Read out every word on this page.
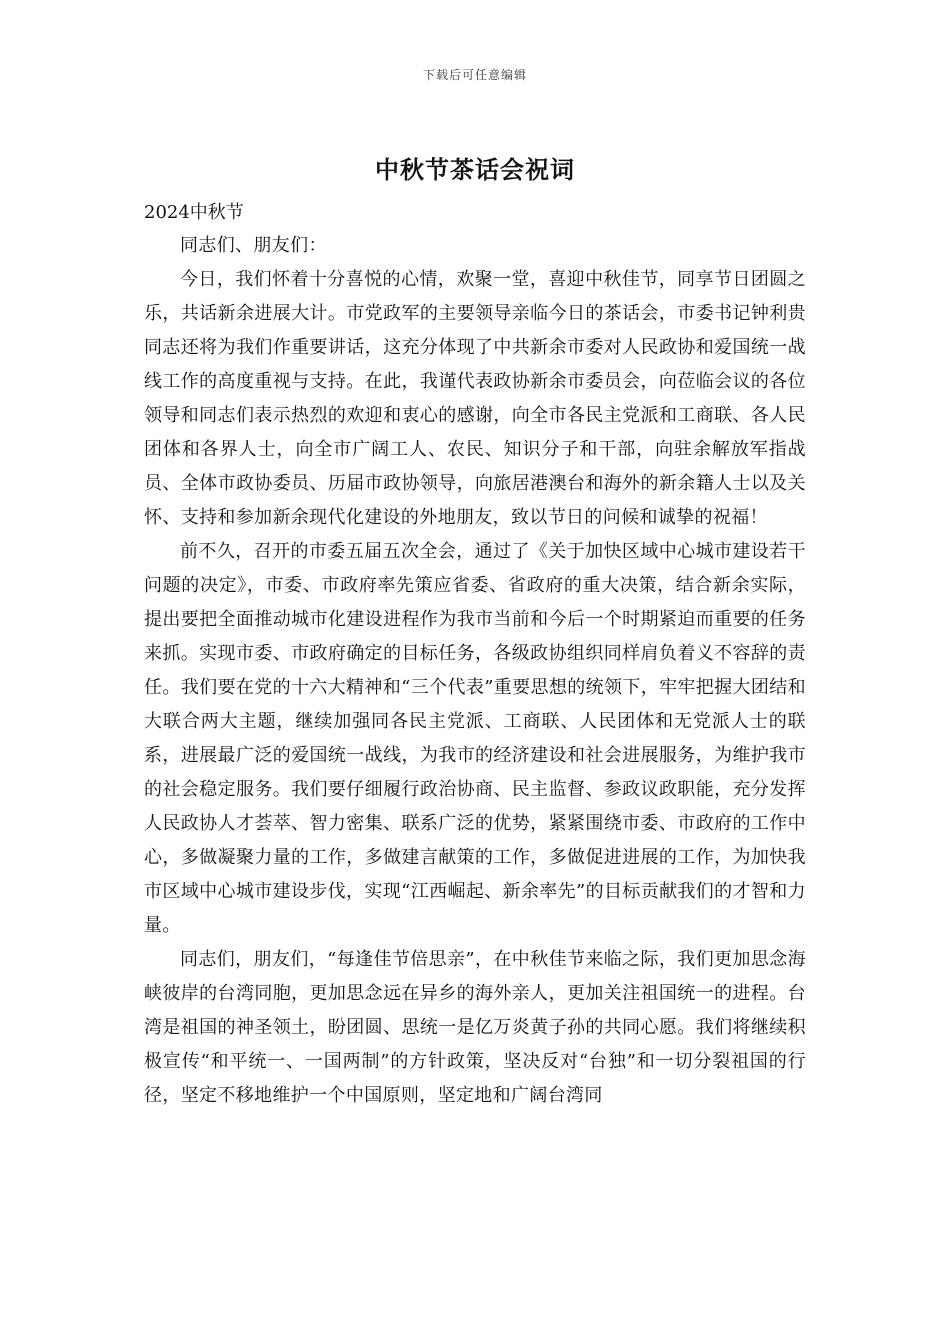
下载后可任意编辑
中秋节茶话会祝词

2024中秋节

同志们、朋友们：

今日，我们怀着十分喜悦的心情，欢聚一堂，喜迎中秋佳节，同享节日团圆之乐，共话新余进展大计。市党政军的主要领导亲临今日的茶话会，市委书记钟利贵同志还将为我们作重要讲话，这充分体现了中共新余市委对人民政协和爱国统一战线工作的高度重视与支持。在此，我谨代表政协新余市委员会，向莅临会议的各位领导和同志们表示热烈的欢迎和衷心的感谢，向全市各民主党派和工商联、各人民团体和各界人士，向全市广阔工人、农民、知识分子和干部，向驻余解放军指战员、全体市政协委员、历届市政协领导，向旅居港澳台和海外的新余籍人士以及关怀、支持和参加新余现代化建设的外地朋友，致以节日的问候和诚挚的祝福！

前不久，召开的市委五届五次全会，通过了《关于加快区域中心城市建设若干问题的决定》，市委、市政府率先策应省委、省政府的重大决策，结合新余实际，提出要把全面推动城市化建设进程作为我市当前和今后一个时期紧迫而重要的任务来抓。实现市委、市政府确定的目标任务，各级政协组织同样肩负着义不容辞的责任。我们要在党的十六大精神和“三个代表”重要思想的统领下，牢牢把握大团结和大联合两大主题，继续加强同各民主党派、工商联、人民团体和无党派人士的联系，进展最广泛的爱国统一战线，为我市的经济建设和社会进展服务，为维护我市的社会稳定服务。我们要仔细履行政治协商、民主监督、参政议政职能，充分发挥人民政协人才荟萃、智力密集、联系广泛的优势，紧紧围绕市委、市政府的工作中心，多做凝聚力量的工作，多做建言献策的工作，多做促进进展的工作，为加快我市区域中心城市建设步伐，实现“江西崛起、新余率先”的目标贡献我们的才智和力量。

同志们，朋友们，“每逢佳节倍思亲”，在中秋佳节来临之际，我们更加思念海峡彼岸的台湾同胞，更加思念远在异乡的海外亲人，更加关注祖国统一的进程。台湾是祖国的神圣领土，盼团圆、思统一是亿万炎黄子孙的共同心愿。我们将继续积极宣传“和平统一、一国两制”的方针政策，坚决反对“台独”和一切分裂祖国的行径，坚定不移地维护一个中国原则，坚定地和广阔台湾同
